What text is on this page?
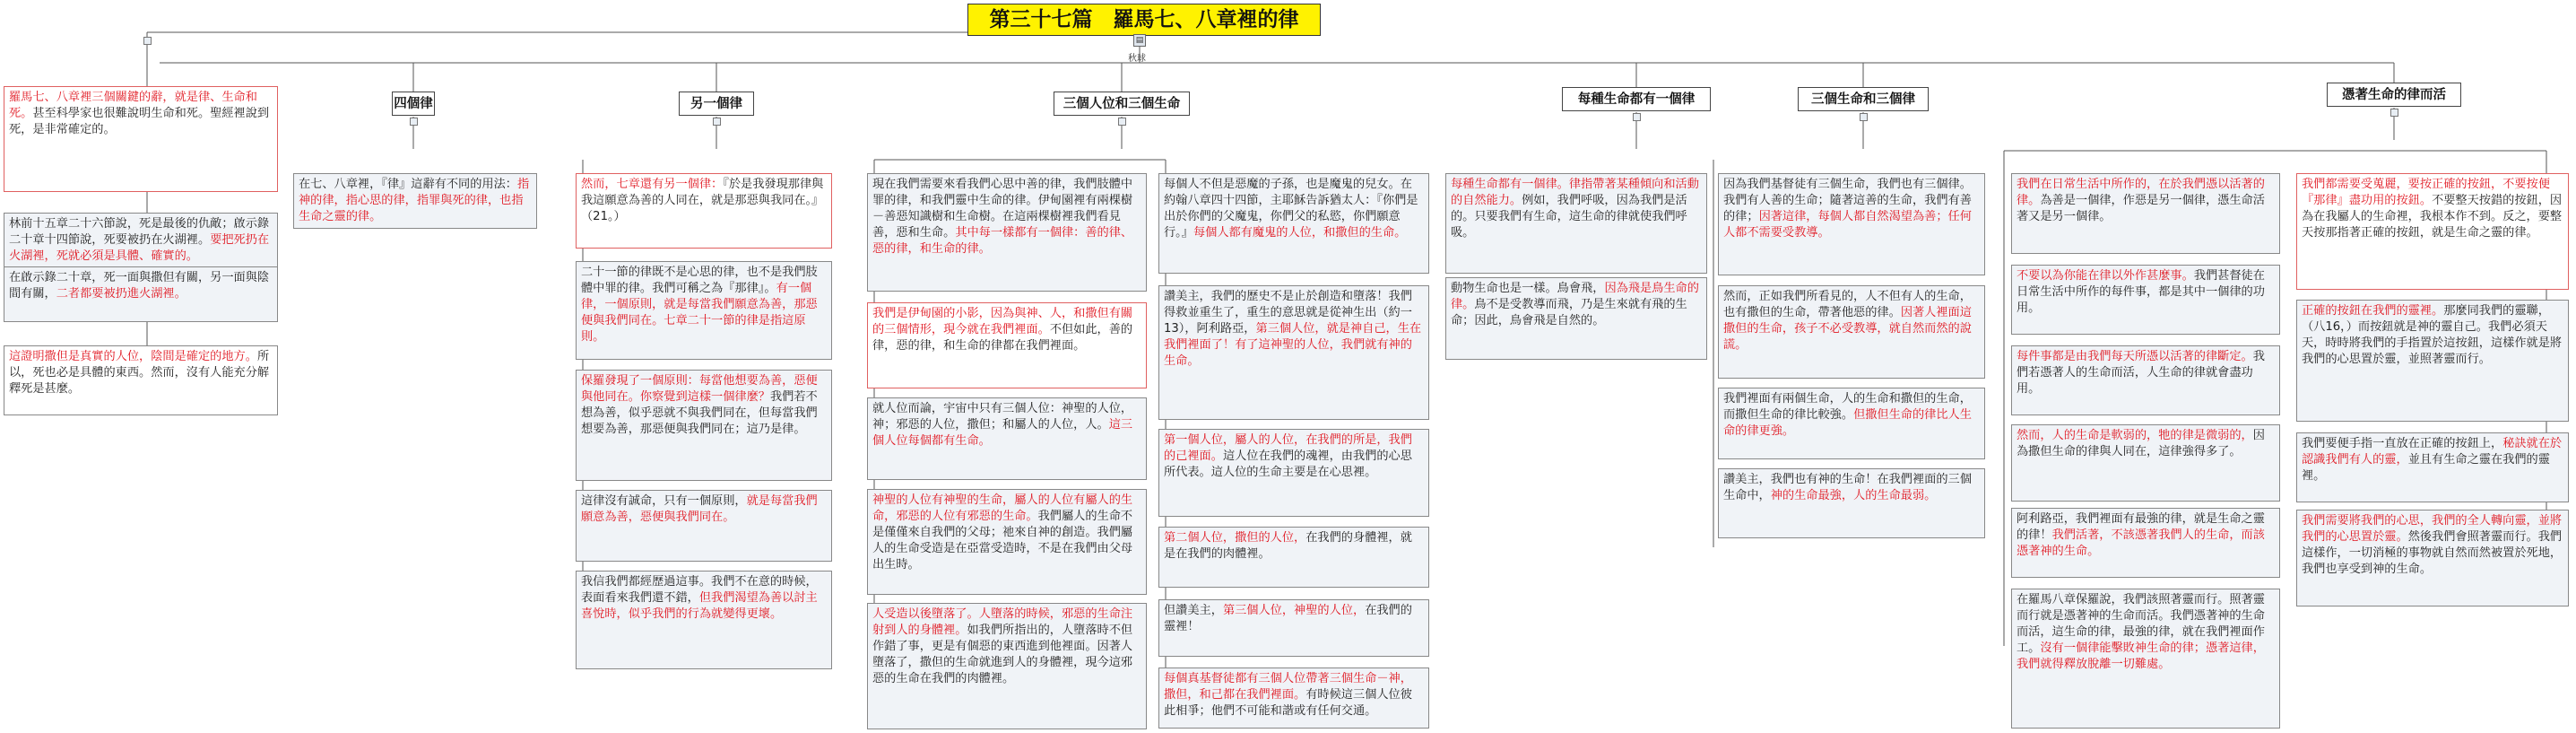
第三十七篇　羅馬七、八章裡的律
▤
秋球
四個律	另一個律	三個人位和三個生命	每種生命都有一個律	三個生命和三個律	憑著生命的律而活
羅馬七、八章裡三個關鍵的辭，就是律、生命和死。甚至科學家也很難說明生命和死。聖經裡說到死，是非常確定的。
林前十五章二十六節說，死是最後的仇敵；啟示錄二十章十四節說，死要被扔在火湖裡。要把死扔在火湖裡，死就必須是具體、確實的。
在啟示錄二十章，死一面與撒但有關，另一面與陰間有關，二者都要被扔進火湖裡。
這證明撒但是真實的人位，陰間是確定的地方。所以，死也必是具體的東西。然而，沒有人能充分解釋死是甚麼。
在七、八章裡，『律』這辭有不同的用法：指神的律，指心思的律，指罪與死的律，也指生命之靈的律。
然而，七章還有另一個律：『於是我發現那律與我這願意為善的人同在，就是那惡與我同在。』（21。）
二十一節的律既不是心思的律，也不是我們肢體中罪的律。我們可稱之為『那律』。有一個律，一個原則，就是每當我們願意為善，那惡便與我們同在。七章二十一節的律是指這原則。
保羅發現了一個原則：每當他想要為善，惡便與他同在。你察覺到這樣一個律麼？我們若不想為善，似乎惡就不與我們同在，但每當我們想要為善，那惡便與我們同在；這乃是律。
這律沒有誠命，只有一個原則，就是每當我們願意為善，惡便與我們同在。
我信我們都經歷過這事。我們不在意的時候，表面看來我們還不錯，但我們渴望為善以討主喜悅時，似乎我們的行為就變得更壞。
現在我們需要來看我們心思中善的律，我們肢體中罪的律，和我們靈中生命的律。伊甸園裡有兩棵樹－善惡知識樹和生命樹。在這兩棵樹裡我們看見善，惡和生命。其中每一樣都有一個律：善的律、惡的律，和生命的律。
我們是伊甸園的小影，因為與神、人，和撒但有關的三個情形，現今就在我們裡面。不但如此，善的律，惡的律，和生命的律都在我們裡面。
就人位而論，宇宙中只有三個人位：神聖的人位，神；邪惡的人位，撒但；和屬人的人位，人。這三個人位每個都有生命。
神聖的人位有神聖的生命，屬人的人位有屬人的生命，邪惡的人位有邪惡的生命。我們屬人的生命不是僅僅來自我們的父母；祂來自神的創造。我們屬人的生命受造是在亞當受造時，不是在我們由父母出生時。
人受造以後墮落了。人墮落的時候，邪惡的生命注射到人的身體裡。如我們所指出的，人墮落時不但作錯了事，更是有個惡的東西進到他裡面。因著人墮落了，撒但的生命就進到人的身體裡，現今這邪惡的生命在我們的肉體裡。
每個人不但是惡魔的子孫，也是魔鬼的兒女。在約翰八章四十四節，主耶穌告訴猶太人：『你們是出於你們的父魔鬼，你們父的私慾，你們願意行。』每個人都有魔鬼的人位，和撒但的生命。
讚美主，我們的歷史不是止於創造和墮落！我們得救並重生了，重生的意思就是從神生出（約一13），阿利路亞，第三個人位，就是神自己，生在我們裡面了！有了這神聖的人位，我們就有神的生命。
第一個人位，屬人的人位，在我們的所是，我們的己裡面。這人位在我們的魂裡，由我們的心思所代表。這人位的生命主要是在心思裡。
第二個人位，撒但的人位，在我們的身體裡，就是在我們的肉體裡。
但讚美主，第三個人位，神聖的人位，在我們的靈裡！
每個真基督徒都有三個人位帶著三個生命－神，撒但，和己都在我們裡面。有時候這三個人位彼此相爭；他們不可能和諧或有任何交通。
每種生命都有一個律。律指帶著某種傾向和活動的自然能力。例如，我們呼吸，因為我們是活的。只要我們有生命，這生命的律就使我們呼吸。
動物生命也是一樣。鳥會飛，因為飛是鳥生命的律。鳥不是受教導而飛，乃是生來就有飛的生命；因此，鳥會飛是自然的。
因為我們基督徒有三個生命，我們也有三個律。我們有人善的生命；隨著這善的生命，我們有善的律；因著這律，每個人都自然渴望為善；任何人都不需要受教導。
然而，正如我們所看見的，人不但有人的生命，也有撒但的生命，帶著他惡的律。因著人裡面這撒但的生命，孩子不必受教導，就自然而然的說謊。
我們裡面有兩個生命，人的生命和撒但的生命，而撒但生命的律比較強。但撒但生命的律比人生命的律更強。
讚美主，我們也有神的生命！在我們裡面的三個生命中，神的生命最強，人的生命最弱。
我們在日常生活中所作的，在於我們憑以活著的律。為善是一個律，作惡是另一個律，憑生命活著又是另一個律。
不要以為你能在律以外作甚麼事。我們甚督徒在日常生活中所作的每件事，都是其中一個律的功用。
每件事都是由我們每天所憑以活著的律斷定。我們若憑著人的生命而活，人生命的律就會盡功用。
然而，人的生命是軟弱的，牠的律是微弱的，因為撒但生命的律與人同在，這律強得多了。
阿利路亞，我們裡面有最強的律，就是生命之靈的律！我們活著，不該憑著我們人的生命，而該憑著神的生命。
在羅馬八章保羅說，我們該照著靈而行。照著靈而行就是憑著神的生命而活。我們憑著神的生命而活，這生命的律，最強的律，就在我們裡面作工。沒有一個律能擊敗神生命的律；憑著這律，我們就得釋放脫離一切難處。
我們都需要受蒐麗，要按正確的按鈕，不要按便『那律』盡功用的按鈕。不要整天按錯的按鈕，因為在我屬人的生命裡，我根本作不到。反之，要整天按那指著正確的按鈕，就是生命之靈的律。
正確的按鈕在我們的靈裡。那麼同我們的靈聯，（八16，）而按鈕就是神的靈自己。我們必須天天，時時將我們的手指置於這按鈕，這樣作就是將我們的心思置於靈，並照著靈而行。
我們要便手指一直放在正確的按鈕上，秘訣就在於認識我們有人的靈，並且有生命之靈在我們的靈裡。
我們需要將我們的心思，我們的全人轉向靈，並將我們的心思置於靈。然後我們會照著靈而行。我們這樣作，一切消極的事物就自然而然被置於死地，我們也享受到神的生命。
